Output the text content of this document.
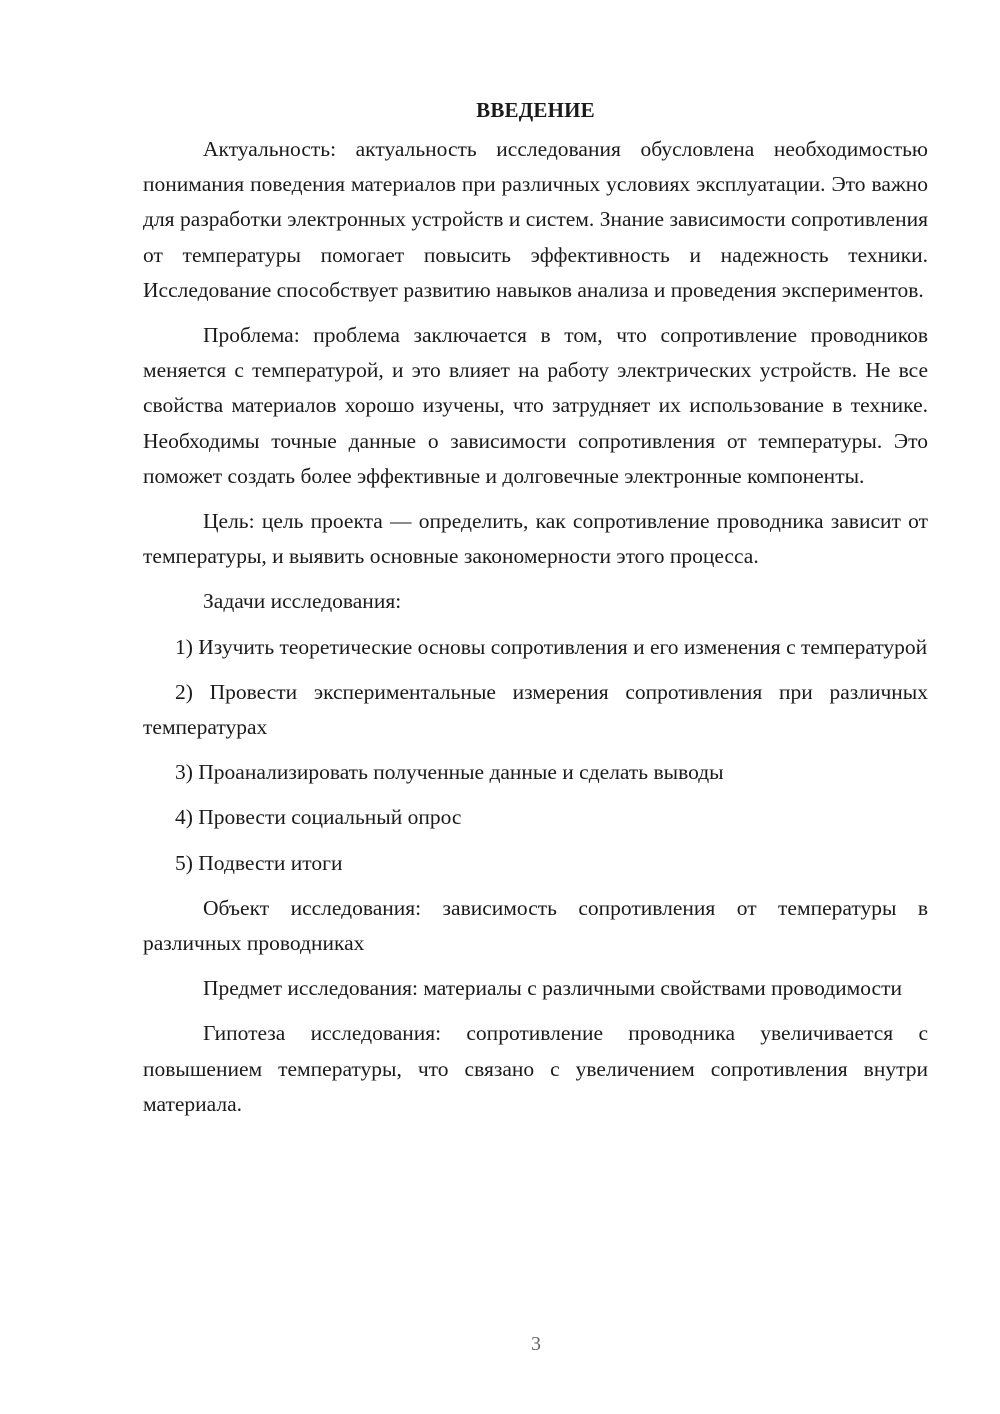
ВВЕДЕНИЕ

Актуальность: актуальность исследования обусловлена необходимостью понимания поведения материалов при различных условиях эксплуатации. Это важно для разработки электронных устройств и систем. Знание зависимости сопротивления от температуры помогает повысить эффективность и надежность техники. Исследование способствует развитию навыков анализа и проведения экспериментов.

Проблема: проблема заключается в том, что сопротивление проводников меняется с температурой, и это влияет на работу электрических устройств. Не все свойства материалов хорошо изучены, что затрудняет их использование в технике. Необходимы точные данные о зависимости сопротивления от температуры. Это поможет создать более эффективные и долговечные электронные компоненты.

Цель: цель проекта — определить, как сопротивление проводника зависит от температуры, и выявить основные закономерности этого процесса.

Задачи исследования:

1) Изучить теоретические основы сопротивления и его изменения с температурой

2) Провести экспериментальные измерения сопротивления при различных температурах

3) Проанализировать полученные данные и сделать выводы

4) Провести социальный опрос

5) Подвести итоги

Объект исследования: зависимость сопротивления от температуры в различных проводниках

Предмет исследования: материалы с различными свойствами проводимости

Гипотеза исследования: сопротивление проводника увеличивается с повышением температуры, что связано с увеличением сопротивления внутри материала.

3
